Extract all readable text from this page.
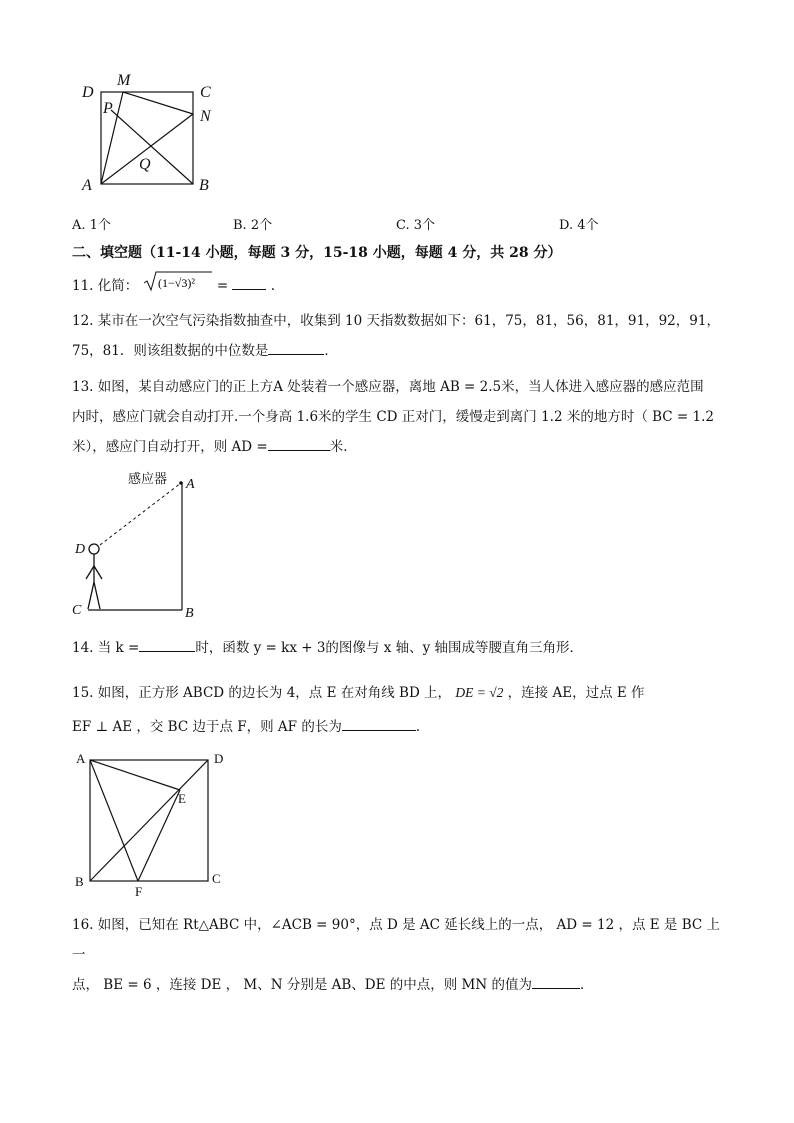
D
M
C
P	N
Q
A	B
A. 1个	B. 2个	C. 3个	D. 4个
二、填空题（11-14 小题，每题 3 分，15-18 小题，每题 4 分，共 28 分）
11. 化简： (1−√3)² =	.
12. 某市在一次空气污染指数抽查中，收集到 10 天指数数据如下：61，75，81，56，81，91，92，91，
75，81．则该组数据的中位数是	．
13. 如图，某自动感应门的正上方A 处装着一个感应器，离地 AB = 2.5米，当人体进入感应器的感应范围
内时，感应门就会自动打开.一个身高 1.6米的学生 CD 正对门，缓慢走到离门 1.2 米的地方时（ BC = 1.2
米），感应门自动打开，则 AD =	米.
感应器 A
D
C	B
14. 当 k =	时，函数 y = kx + 3的图像与 x 轴、y 轴围成等腰直角三角形．
15. 如图，正方形 ABCD 的边长为 4，点 E 在对角线 BD 上， DE = √2 ，连接 AE，过点 E 作
EF ⊥ AE ，交 BC 边于点 F，则 AF 的长为	．
A	D
E
B
F
C
16. 如图，已知在 Rt△ABC 中，∠ACB = 90°，点 D 是 AC 延长线上的一点， AD = 12 ，点 E 是 BC 上一
点， BE = 6 ，连接 DE ， M、N 分别是 AB、DE 的中点，则 MN 的值为	．
